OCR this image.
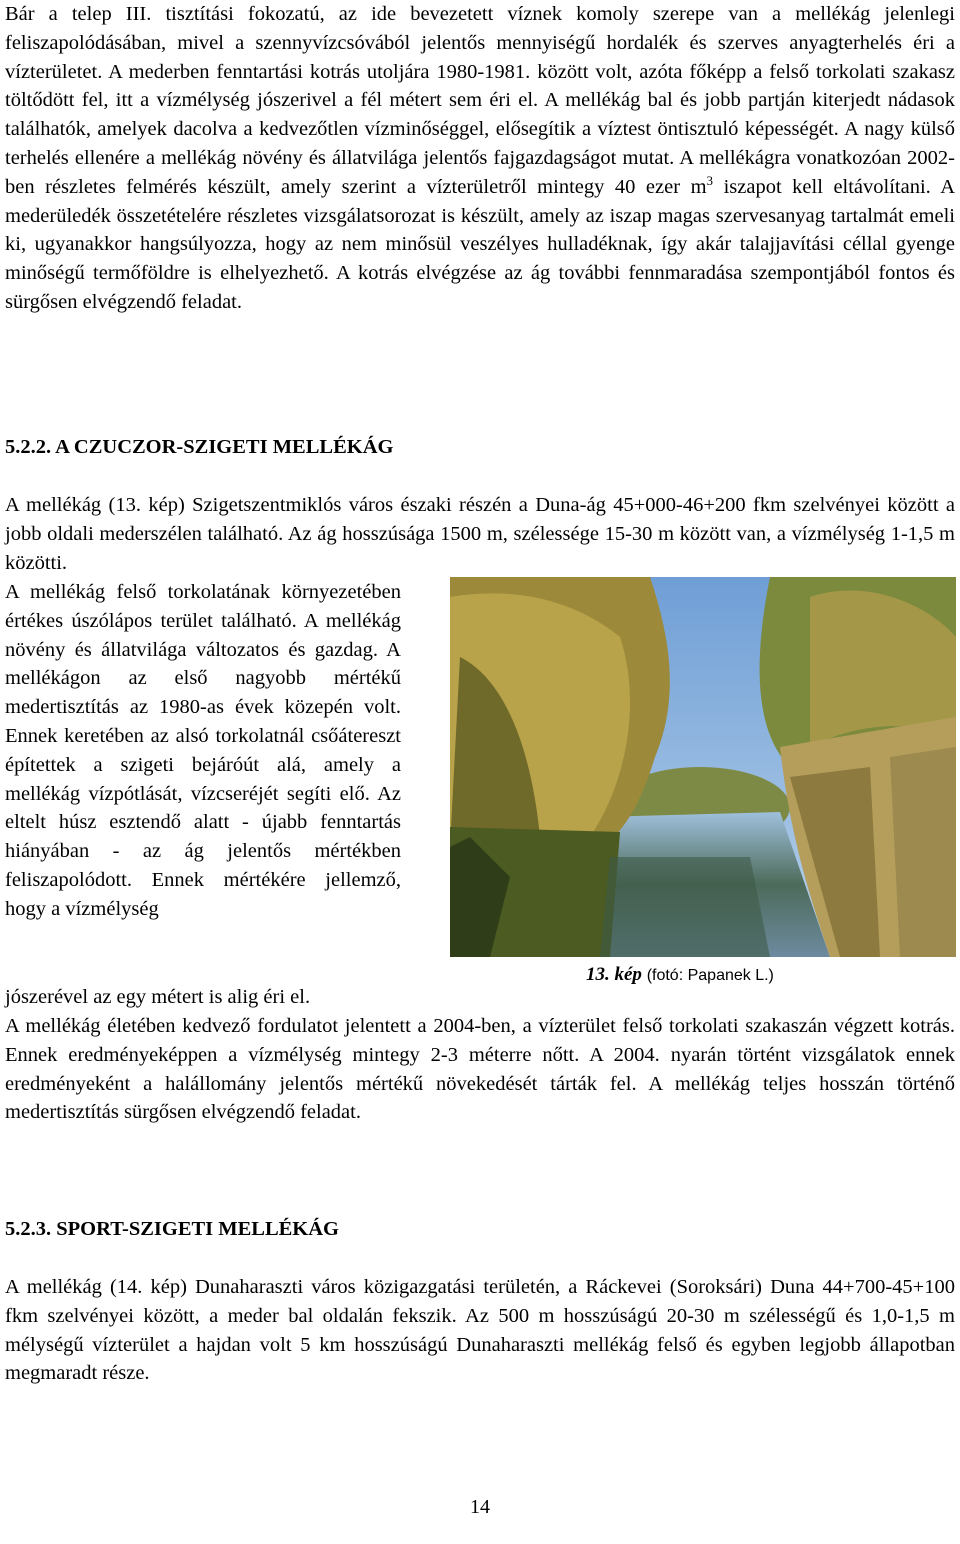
Bár a telep III. tisztítási fokozatú, az ide bevezetett víznek komoly szerepe van a mellékág jelenlegi feliszapolódásában, mivel a szennyvízcsóvából jelentős mennyiségű hordalék és szerves anyagterhelés éri a vízterületet. A mederben fenntartási kotrás utoljára 1980-1981. között volt, azóta főképp a felső torkolati szakasz töltődött fel, itt a vízmélység jószerivel a fél métert sem éri el. A mellékág bal és jobb partján kiterjedt nádasok találhatók, amelyek dacolva a kedvezőtlen vízminőséggel, elősegítik a víztest öntisztuló képességét. A nagy külső terhelés ellenére a mellékág növény és állatvilága jelentős fajgazdagságot mutat. A mellékágra vonatkozóan 2002-ben részletes felmérés készült, amely szerint a vízterületről mintegy 40 ezer $m^3$ iszapot kell eltávolítani. A mederüledék összetételére részletes vizsgálatsorozat is készült, amely az iszap magas szervesanyag tartalmát emeli ki, ugyanakkor hangsúlyozza, hogy az nem minősül veszélyes hulladéknak, így akár talajjavítási céllal gyenge minőségű termőföldre is elhelyezhető. A kotrás elvégzése az ág további fennmaradása szempontjából fontos és sürgősen elvégzendő feladat.

5.2.2. A CZUCZOR-SZIGETI MELLÉKÁG

A mellékág (13. kép) Szigetszentmiklós város északi részén a Duna-ág 45+000-46+200 fkm szelvényei között a jobb oldali mederszélen található. Az ág hosszúsága 1500 m, szélessége 15-30 m között van, a vízmélység 1-1,5 m közötti.

A mellékág felső torkolatának környezetében értékes úszólápos terület található. A mellékág növény és állatvilága változatos és gazdag. A mellékágon az első nagyobb mértékű medertisztítás az 1980-as évek közepén volt. Ennek keretében az alsó torkolatnál csőátereszt építettek a szigeti bejáróút alá, amely a mellékág vízpótlását, vízcseréjét segíti elő. Az eltelt húsz esztendő alatt - újabb fenntartás hiányában - az ág jelentős mértékben feliszapolódott. Ennek mértékére jellemző, hogy a vízmélység

jószerével az egy métert is alig éri el.

13. kép (fotó: Papanek L.)

A mellékág életében kedvező fordulatot jelentett a 2004-ben, a vízterület felső torkolati szakaszán végzett kotrás. Ennek eredményeképpen a vízmélység mintegy 2-3 méterre nőtt. A 2004. nyarán történt vizsgálatok ennek eredményeként a halállomány jelentős mértékű növekedését tárták fel. A mellékág teljes hosszán történő medertisztítás sürgősen elvégzendő feladat.

5.2.3. SPORT-SZIGETI MELLÉKÁG

A mellékág (14. kép) Dunaharaszti város közigazgatási területén, a Ráckevei (Soroksári) Duna 44+700-45+100 fkm szelvényei között, a meder bal oldalán fekszik. Az 500 m hosszúságú 20-30 m szélességű és 1,0-1,5 m mélységű vízterület a hajdan volt 5 km hosszúságú Dunaharaszti mellékág felső és egyben legjobb állapotban megmaradt része.

14
